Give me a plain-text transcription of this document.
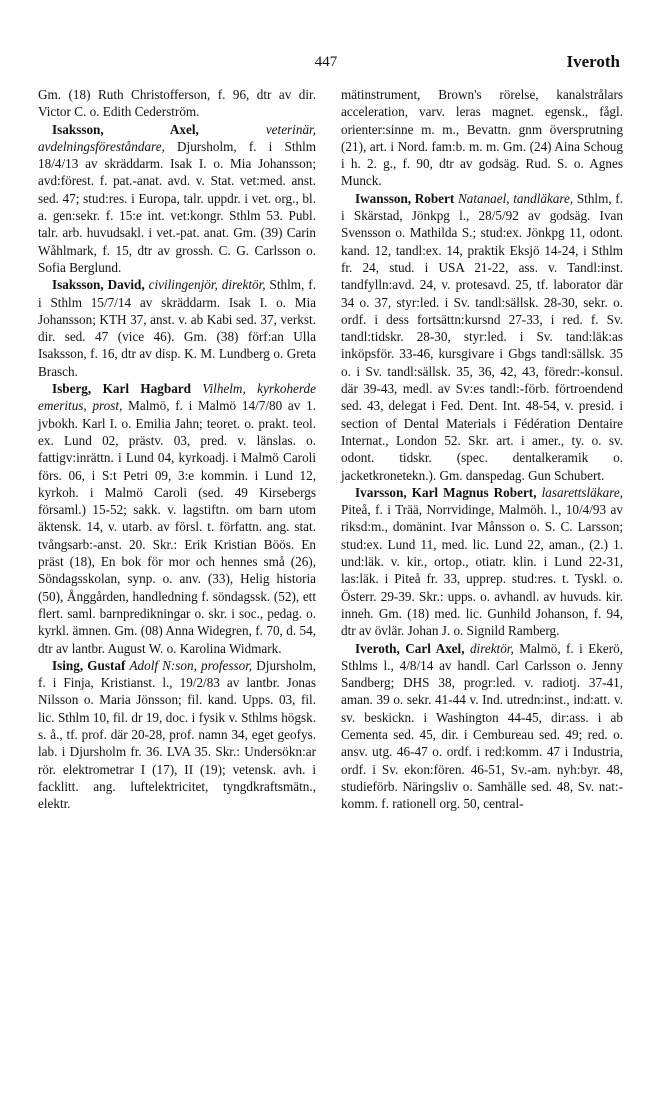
447	Iveroth

Gm. (18) Ruth Christofferson, f. 96, dtr av dir. Victor C. o. Edith Cederström.

Isaksson, Axel,	veterinär, avdelningsföreståndare, Djursholm, f. i Sthlm 18/4/13 av skräddarm. Isak I. o. Mia Johansson; avd:förest. f. pat.-anat. avd. v. Stat. vet:med. anst. sed. 47; stud:res. i Europa, talr. uppdr. i vet. org., bl. a. gen:sekr. f. 15:e int. vet:kongr. Sthlm 53. Publ. talr. arb. huvudsakl. i vet.-pat. anat. Gm. (39) Carin Wåhlmark, f. 15, dtr av grossh. C. G. Carlsson o. Sofia Berglund.

Isaksson, David, civilingenjör, direktör, Sthlm, f. i Sthlm 15/7/14 av skräddarm. Isak I. o. Mia Johansson; KTH 37, anst. v. ab Kabi sed. 37, verkst. dir. sed. 47 (vice 46). Gm. (38) förf:an Ulla Isaksson, f. 16, dtr av disp. K. M. Lundberg o. Greta Brasch.

Isberg, Karl Hagbard Vilhelm, kyrkoherde emeritus, prost, Malmö, f. i Malmö 14/7/80 av 1. jvbokh. Karl I. o. Emilia Jahn; teoret. o. prakt. teol. ex. Lund 02, prästv. 03, pred. v. länslas. o. fattigv:inrättn. i Lund 04, kyrkoadj. i Malmö Caroli förs. 06, i S:t Petri 09, 3:e kommin. i Lund 12, kyrkoh. i Malmö Caroli (sed. 49 Kirsebergs församl.) 15-52; sakk. v. lagstiftn. om barn utom äktensk. 14, v. utarb. av försl. t. författn. ang. stat. tvångsarb:-anst. 20. Skr.: Erik Kristian Böös. En präst (18), En bok för mor och hennes små (26), Söndagsskolan, synp. o. anv. (33), Helig historia (50), Ånggården, handledning f. söndagssk. (52), ett flert. saml. barnpredikningar o. skr. i soc., pedag. o. kyrkl. ämnen. Gm. (08) Anna Widegren, f. 70, d. 54, dtr av lantbr. August W. o. Karolina Widmark.

Ising, Gustaf Adolf N:son, professor, Djursholm, f. i Finja, Kristianst. l., 19/2/83 av lantbr. Jonas Nilsson o. Maria Jönsson; fil. kand. Upps. 03, fil. lic. Sthlm 10, fil. dr 19, doc. i fysik v. Sthlms högsk. s. å., tf. prof. där 20-28, prof. namn 34, eget geofys. lab. i Djursholm fr. 36. LVA 35. Skr.: Undersökn:ar rör. elektrometrar I (17), II (19); vetensk. avh. i facklitt. ang. luftelektricitet, tyngdkraftsmätn., elektr.

mätinstrument, Brown's rörelse, kanalstrålars acceleration, varv. leras magnet. egensk., fågl. orienter:sinne m. m., Bevattn. gnm översprutning (21), art. i Nord. fam:b. m. m. Gm. (24) Aina Schoug i h. 2. g., f. 90, dtr av godsäg. Rud. S. o. Agnes Munck.

Iwansson, Robert Natanael, tandläkare, Sthlm, f. i Skärstad, Jönkpg l., 28/5/92 av godsäg. Ivan Svensson o. Mathilda S.; stud:ex. Jönkpg 11, odont. kand. 12, tandl:ex. 14, praktik Eksjö 14-24, i Sthlm fr. 24, stud. i USA 21-22, ass. v. Tandl:inst. tandfylln:avd. 24, v. protesavd. 25, tf. laborator där 34 o. 37, styr:led. i Sv. tandl:sällsk. 28-30, sekr. o. ordf. i dess fortsättn:kursnd 27-33, i red. f. Sv. tandl:tidskr. 28-30, styr:led. i Sv. tand:läk:as inköpsför. 33-46, kursgivare i Gbgs tandl:sällsk. 35 o. i Sv. tandl:sällsk. 35, 36, 42, 43, föredr:-konsul. där 39-43, medl. av Sv:es tandl:-förb. förtroendend sed. 43, delegat i Fed. Dent. Int. 48-54, v. presid. i section of Dental Materials i Fédération Dentaire Internat., London 52. Skr. art. i amer., ty. o. sv. odont. tidskr. (spec. dentalkeramik o. jacketkronetekn.). Gm. danspedag. Gun Schubert.

Ivarsson, Karl Magnus Robert, lasarettsläkare, Piteå, f. i Trää, Norrvidinge, Malmöh. l., 10/4/93 av riksd:m., domänint. Ivar Månsson o. S. C. Larsson; stud:ex. Lund 11, med. lic. Lund 22, aman., (2.) 1. und:läk. v. kir., ortop., otiatr. klin. i Lund 22-31, las:läk. i Piteå fr. 33, upprep. stud:res. t. Tyskl. o. Österr. 29-39. Skr.: upps. o. avhandl. av huvuds. kir. inneh. Gm. (18) med. lic. Gunhild Johanson, f. 94, dtr av övlär. Johan J. o. Signild Ramberg.

Iveroth, Carl Axel, direktör, Malmö, f. i Ekerö, Sthlms l., 4/8/14 av handl. Carl Carlsson o. Jenny Sandberg; DHS 38, progr:led. v. radiotj. 37-41, aman. 39 o. sekr. 41-44 v. Ind. utredn:inst., ind:att. v. sv. beskickn. i Washington 44-45, dir:ass. i ab Cementa sed. 45, dir. i Cembureau sed. 49; red. o. ansv. utg. 46-47 o. ordf. i red:komm. 47 i Industria, ordf. i Sv. ekon:fören. 46-51, Sv.-am. nyh:byr. 48, studieförb. Näringsliv o. Samhälle sed. 48, Sv. nat:-komm. f. rationell org. 50, central-
